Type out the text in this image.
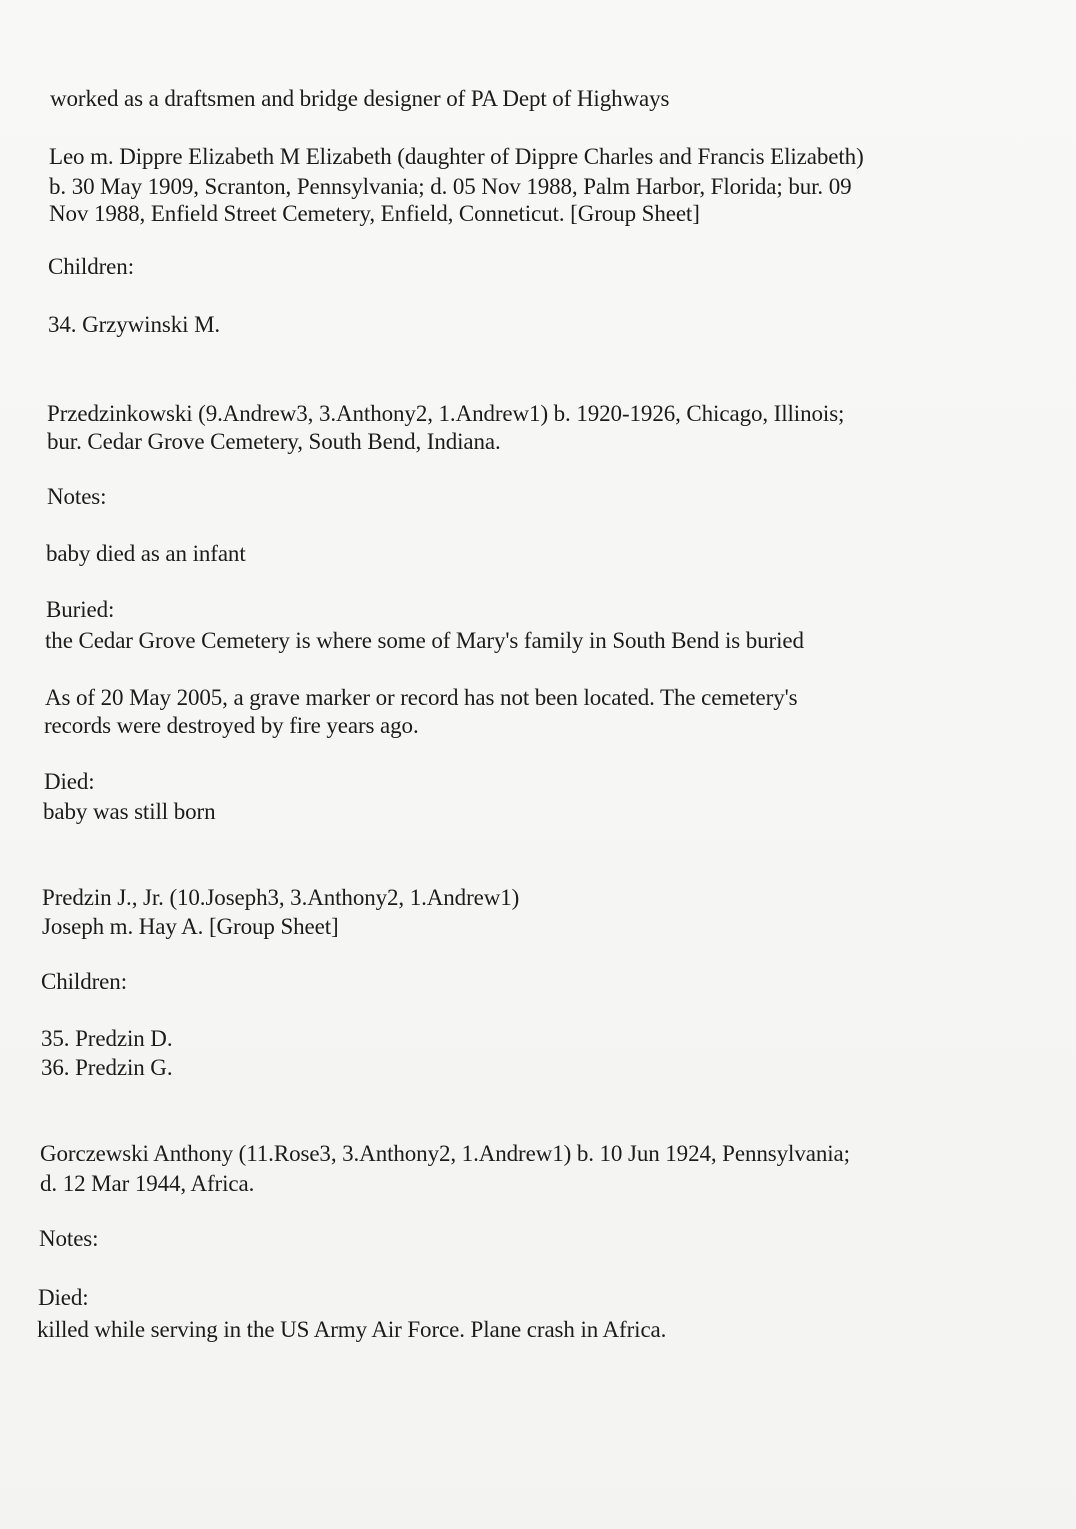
worked as a draftsmen and bridge designer of PA Dept of Highways
Leo m. Dippre Elizabeth M Elizabeth (daughter of Dippre Charles and Francis Elizabeth)
b. 30 May 1909, Scranton, Pennsylvania; d. 05 Nov 1988, Palm Harbor, Florida; bur. 09
Nov 1988, Enfield Street Cemetery, Enfield, Conneticut. [Group Sheet]
Children:
34. Grzywinski M.
Przedzinkowski (9.Andrew3, 3.Anthony2, 1.Andrew1) b. 1920-1926, Chicago, Illinois;
bur. Cedar Grove Cemetery, South Bend, Indiana.
Notes:
baby died as an infant
Buried:
the Cedar Grove Cemetery is where some of Mary's family in South Bend is buried
As of 20 May 2005, a grave marker or record has not been located. The cemetery's
records were destroyed by fire years ago.
Died:
baby was still born
Predzin J., Jr. (10.Joseph3, 3.Anthony2, 1.Andrew1)
Joseph m. Hay A. [Group Sheet]
Children:
35. Predzin D.
36. Predzin G.
Gorczewski Anthony (11.Rose3, 3.Anthony2, 1.Andrew1) b. 10 Jun 1924, Pennsylvania;
d. 12 Mar 1944, Africa.
Notes:
Died:
killed while serving in the US Army Air Force. Plane crash in Africa.
